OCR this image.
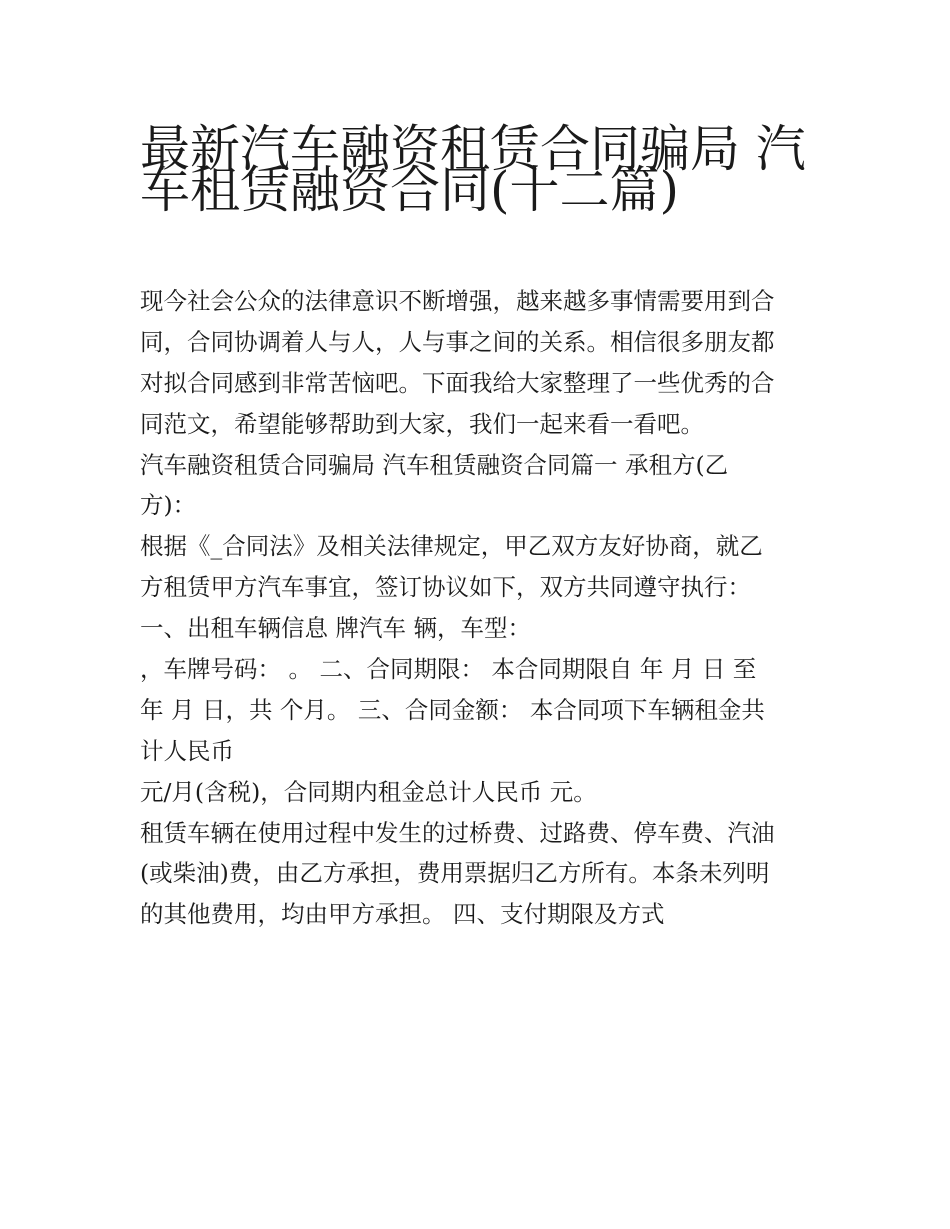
最新汽车融资租赁合同骗局 汽
车租赁融资合同(十二篇)
现今社会公众的法律意识不断增强，越来越多事情需要用到合
同，合同协调着人与人，人与事之间的关系。相信很多朋友都
对拟合同感到非常苦恼吧。下面我给大家整理了一些优秀的合
同范文，希望能够帮助到大家，我们一起来看一看吧。
汽车融资租赁合同骗局 汽车租赁融资合同篇一 承租方(乙
方)：
根据《_合同法》及相关法律规定，甲乙双方友好协商，就乙
方租赁甲方汽车事宜，签订协议如下，双方共同遵守执行：
一、出租车辆信息 牌汽车 辆，车型：
，车牌号码： 。 二、合同期限： 本合同期限自 年 月 日 至
年 月 日，共 个月。 三、合同金额： 本合同项下车辆租金共
计人民币
元/月(含税)，合同期内租金总计人民币 元。
租赁车辆在使用过程中发生的过桥费、过路费、停车费、汽油
(或柴油)费，由乙方承担，费用票据归乙方所有。本条未列明
的其他费用，均由甲方承担。 四、支付期限及方式
